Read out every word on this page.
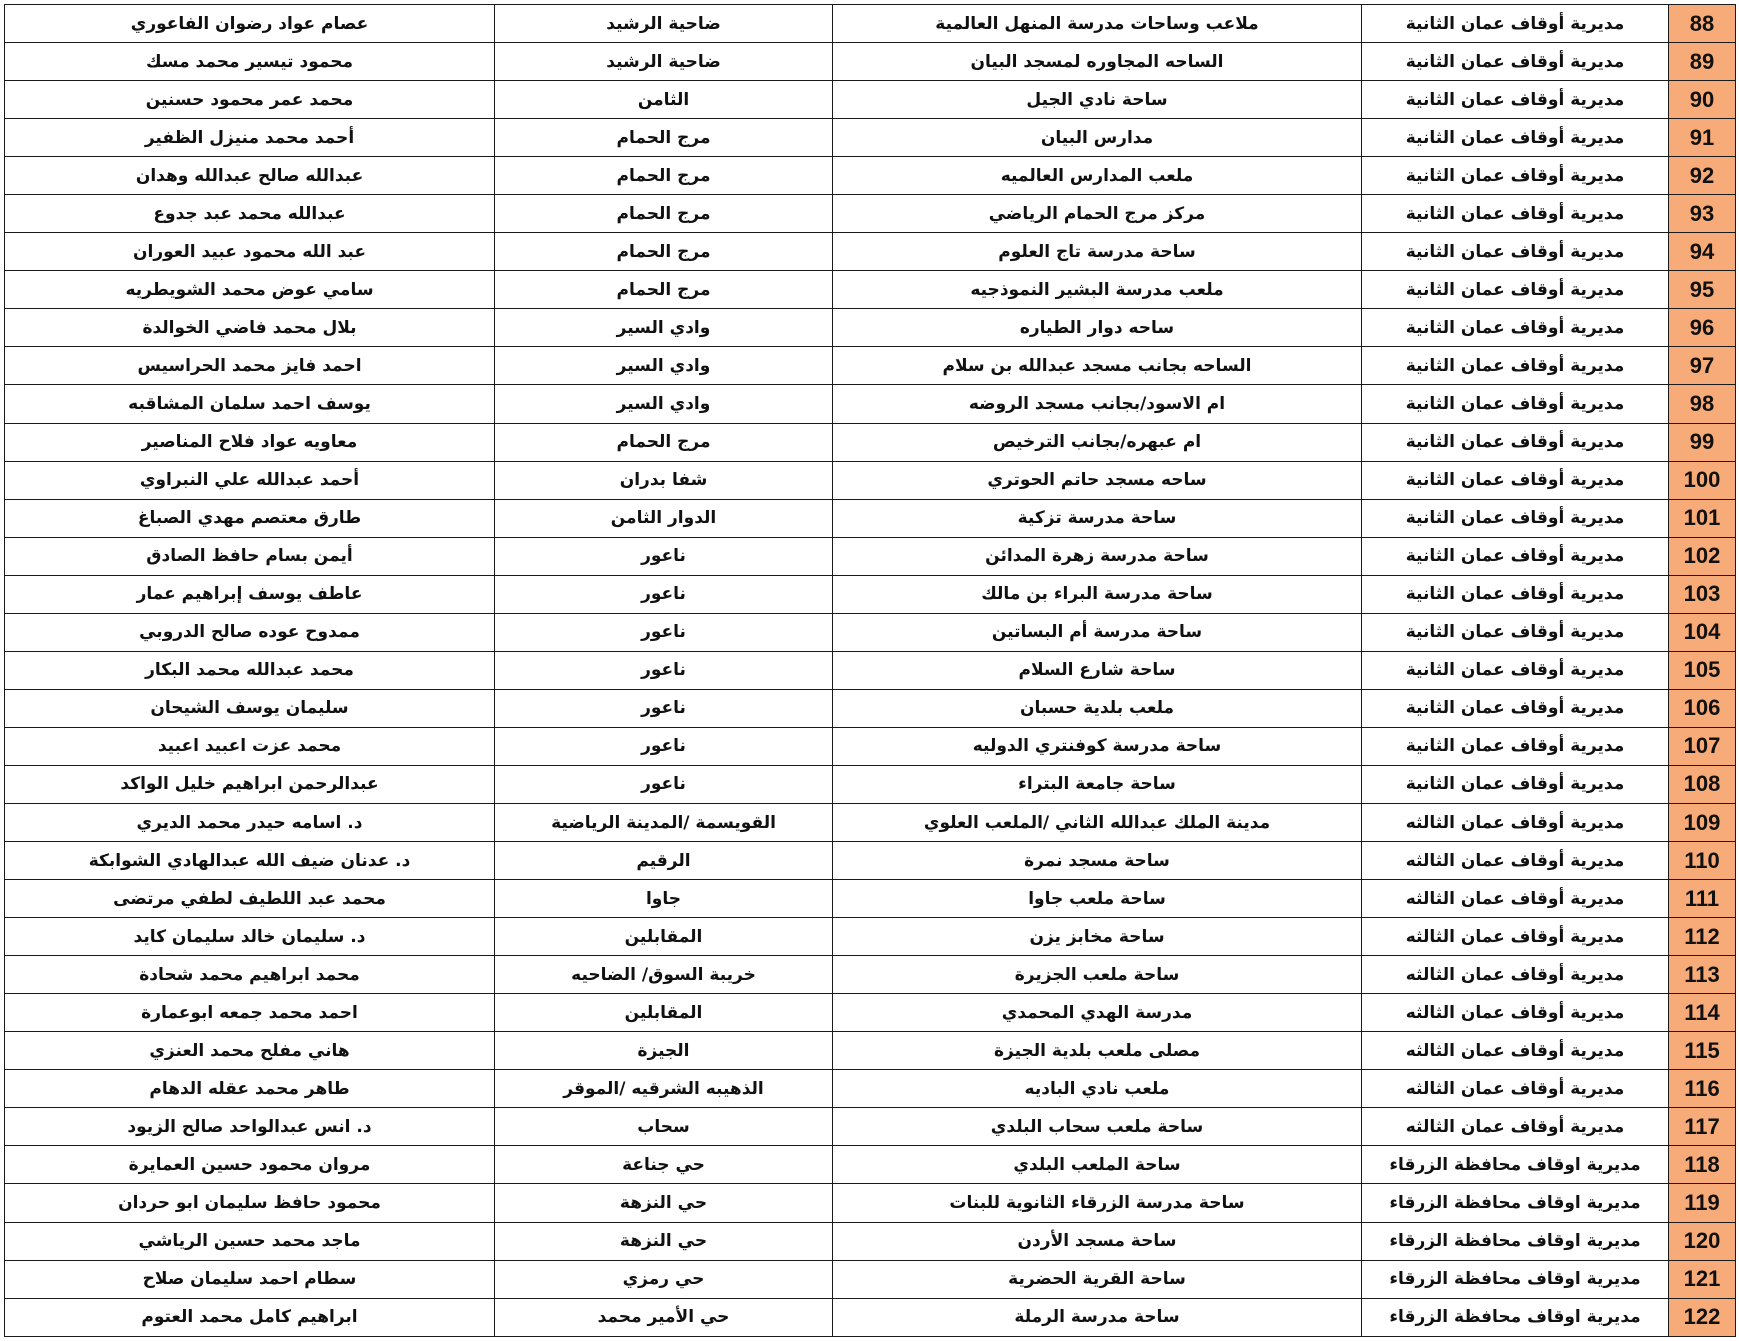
88	مديرية أوقاف عمان الثانية	ملاعب وساحات مدرسة المنهل العالمية	ضاحية الرشيد	عصام عواد رضوان الفاعوري
89	مديرية أوقاف عمان الثانية	الساحه المجاوره لمسجد البيان	ضاحية الرشيد	محمود تيسير محمد مسك
90	مديرية أوقاف عمان الثانية	ساحة نادي الجيل	الثامن	محمد عمر محمود حسنين
91	مديرية أوقاف عمان الثانية	مدارس البيان	مرج الحمام	أحمد محمد منيزل الظفير
92	مديرية أوقاف عمان الثانية	ملعب المدارس العالميه	مرج الحمام	عبدالله صالح عبدالله وهدان
93	مديرية أوقاف عمان الثانية	مركز مرج الحمام الرياضي	مرج الحمام	عبدالله محمد عبد جدوع
94	مديرية أوقاف عمان الثانية	ساحة مدرسة تاج العلوم	مرج الحمام	عبد الله محمود عبيد العوران
95	مديرية أوقاف عمان الثانية	ملعب مدرسة البشير النموذجيه	مرج الحمام	سامي عوض محمد الشويطريه
96	مديرية أوقاف عمان الثانية	ساحه دوار الطياره	وادي السير	بلال محمد فاضي الخوالدة
97	مديرية أوقاف عمان الثانية	الساحه بجانب مسجد عبدالله بن سلام	وادي السير	احمد فايز محمد الحراسيس
98	مديرية أوقاف عمان الثانية	ام الاسود/بجانب مسجد الروضه	وادي السير	يوسف احمد سلمان المشاقبه
99	مديرية أوقاف عمان الثانية	ام عبهره/بجانب الترخيص	مرج الحمام	معاويه عواد فلاح المناصير
100	مديرية أوقاف عمان الثانية	ساحه مسجد حاتم الحوتري	شفا بدران	أحمد عبدالله علي النبراوي
101	مديرية أوقاف عمان الثانية	ساحة مدرسة تزكية	الدوار الثامن	طارق معتصم مهدي الصباغ
102	مديرية أوقاف عمان الثانية	ساحة مدرسة زهرة المدائن	ناعور	أيمن بسام حافظ الصادق
103	مديرية أوقاف عمان الثانية	ساحة مدرسة البراء بن مالك	ناعور	عاطف يوسف إبراهيم عمار
104	مديرية أوقاف عمان الثانية	ساحة مدرسة أم البساتين	ناعور	ممدوح عوده صالح الدروبي
105	مديرية أوقاف عمان الثانية	ساحة شارع السلام	ناعور	محمد عبدالله محمد البكار
106	مديرية أوقاف عمان الثانية	ملعب بلدية حسبان	ناعور	سليمان يوسف الشيحان
107	مديرية أوقاف عمان الثانية	ساحة مدرسة كوفنتري الدوليه	ناعور	محمد عزت اعبيد اعبيد
108	مديرية أوقاف عمان الثانية	ساحة جامعة البتراء	ناعور	عبدالرحمن ابراهيم خليل الواكد
109	مديرية أوقاف عمان الثالثه	مدينة الملك عبدالله الثاني /الملعب العلوي	القويسمة /المدينة الرياضية	د. اسامه حيدر محمد الديري
110	مديرية أوقاف عمان الثالثه	ساحة مسجد نمرة	الرقيم	د. عدنان ضيف الله عبدالهادي الشوابكة
111	مديرية أوقاف عمان الثالثه	ساحة ملعب جاوا	جاوا	محمد عبد اللطيف لطفي مرتضى
112	مديرية أوقاف عمان الثالثه	ساحة مخابز يزن	المقابلين	د. سليمان خالد سليمان كايد
113	مديرية أوقاف عمان الثالثه	ساحة ملعب الجزيرة	خريبة السوق/ الضاحيه	محمد ابراهيم محمد شحادة
114	مديرية أوقاف عمان الثالثه	مدرسة الهدي المحمدي	المقابلين	احمد محمد جمعه ابوعمارة
115	مديرية أوقاف عمان الثالثه	مصلى ملعب بلدية الجيزة	الجيزة	هاني مفلح محمد العنزي
116	مديرية أوقاف عمان الثالثه	ملعب نادي الباديه	الذهيبه الشرقيه /الموقر	طاهر محمد عقله الدهام
117	مديرية أوقاف عمان الثالثه	ساحة ملعب سحاب البلدي	سحاب	د. انس عبدالواحد صالح الزيود
118	مديرية اوقاف محافظة الزرقاء	ساحة الملعب البلدي	حي جناعة	مروان محمود حسين العمايرة
119	مديرية اوقاف محافظة الزرقاء	ساحة مدرسة الزرقاء الثانوية للبنات	حي النزهة	محمود حافظ سليمان ابو حردان
120	مديرية اوقاف محافظة الزرقاء	ساحة مسجد الأردن	حي النزهة	ماجد محمد حسين الرياشي
121	مديرية اوقاف محافظة الزرقاء	ساحة القرية الحضرية	حي رمزي	سطام احمد سليمان صلاح
122	مديرية اوقاف محافظة الزرقاء	ساحة مدرسة الرملة	حي الأمير محمد	ابراهيم كامل محمد العتوم
